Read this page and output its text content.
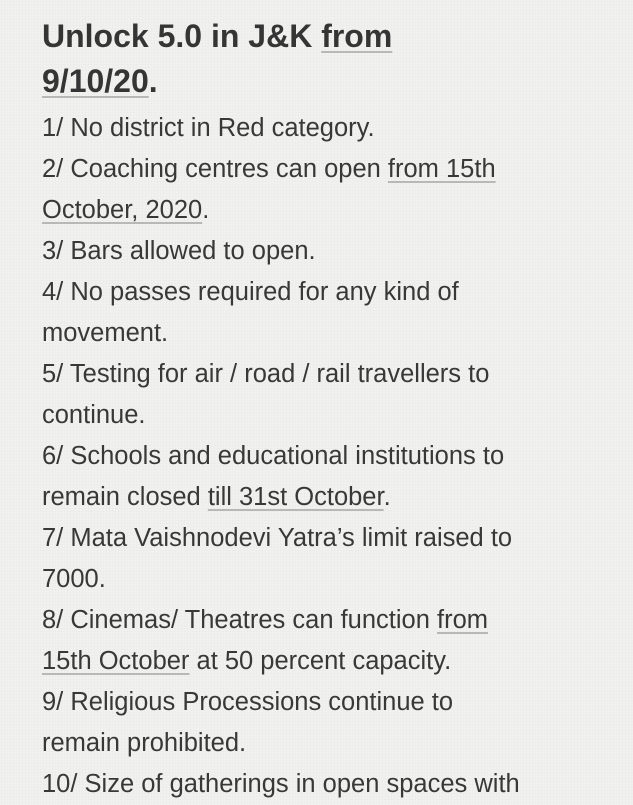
Unlock 5.0 in J&K from
9/10/20.
1/ No district in Red category.
2/ Coaching centres can open from 15th
October, 2020.
3/ Bars allowed to open.
4/ No passes required for any kind of
movement.
5/ Testing for air / road / rail travellers to
continue.
6/ Schools and educational institutions to
remain closed till 31st October.
7/ Mata Vaishnodevi Yatra’s limit raised to
7000.
8/ Cinemas/ Theatres can function from
15th October at 50 percent capacity.
9/ Religious Processions continue to
remain prohibited.
10/ Size of gatherings in open spaces with
